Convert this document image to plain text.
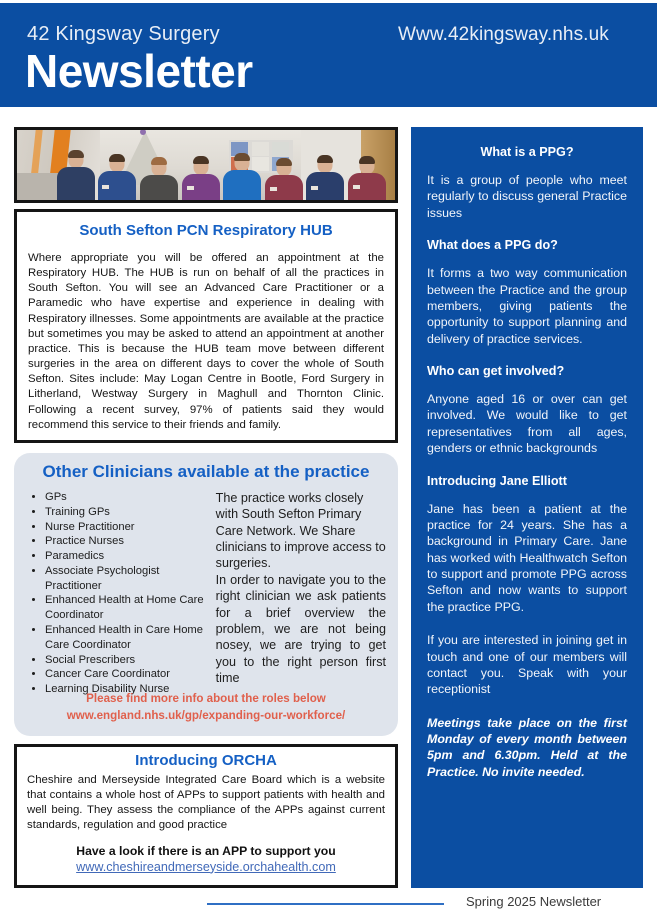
42 Kingsway Surgery	Www.42kingsway.nhs.uk
Newsletter
South Sefton PCN Respiratory HUB
Where appropriate you will be offered an appointment at the Respiratory HUB. The HUB is run on behalf of all the practices in South Sefton. You will see an Advanced Care Practitioner or a Paramedic who have expertise and experience in dealing with Respiratory illnesses. Some appointments are available at the practice but sometimes you may be asked to attend an appointment at another practice. This is because the HUB team move between different surgeries in the area on different days to cover the whole of South Sefton. Sites include: May Logan Centre in Bootle, Ford Surgery in Litherland, Westway Surgery in Maghull and Thornton Clinic. Following a recent survey, 97% of patients said they would recommend this service to their friends and family.
Other Clinicians available at the practice
• GPs
• Training GPs
• Nurse Practitioner
• Practice Nurses
• Paramedics
• Associate Psychologist Practitioner
• Enhanced Health at Home Care Coordinator
• Enhanced Health in Care Home Care Coordinator
• Social Prescribers
• Cancer Care Coordinator
• Learning Disability Nurse

The practice works closely with South Sefton Primary Care Network. We Share clinicians to improve access to surgeries.

In order to navigate you to the right clinician we ask patients for a brief overview the problem, we are not being nosey, we are trying to get you to the right person first time

Please find more info about the roles below
www.england.nhs.uk/gp/expanding-our-workforce/
Introducing ORCHA
Cheshire and Merseyside Integrated Care Board which is a website that contains a whole host of APPs to support patients with health and well being. They assess the compliance of the APPs against current standards, regulation and good practice
Have a look if there is an APP to support you
www.cheshireandmerseyside.orchahealth.com
What is a PPG?

It is a group of people who meet regularly to discuss general Practice issues

What does a PPG do?

It forms a two way communication between the Practice and the group members, giving patients the opportunity to support planning and delivery of practice services.

Who can get involved?

Anyone aged 16 or over can get involved. We would like to get representatives from all ages, genders or ethnic backgrounds

Introducing Jane Elliott

Jane has been a patient at the practice for 24 years. She has a background in Primary Care. Jane has worked with Healthwatch Sefton to support and promote PPG across Sefton and now wants to support the practice PPG.

If you are interested in joining get in touch and one of our members will contact you. Speak with your receptionist

Meetings take place on the first Monday of every month between 5pm and 6.30pm. Held at the Practice. No invite needed.

Spring 2025 Newsletter
